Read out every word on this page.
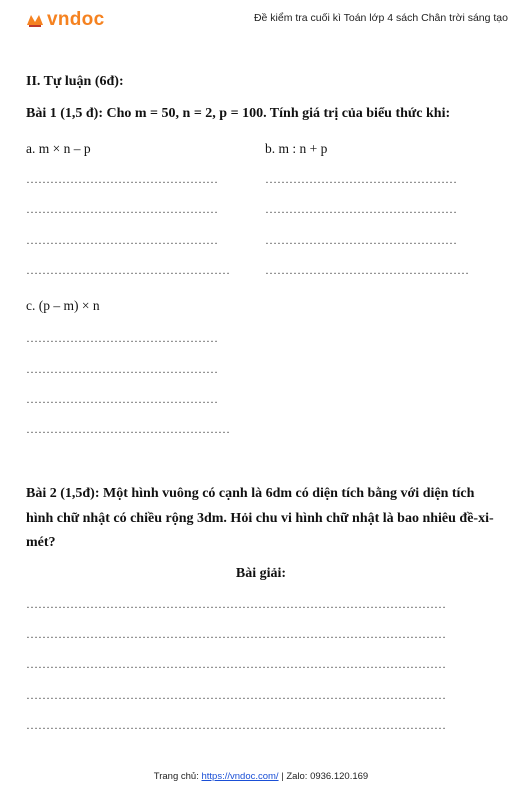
vndoc	Đề kiểm tra cuối kì Toán lớp 4 sách Chân trời sáng tạo
II. Tự luận (6đ):
Bài 1 (1,5 đ): Cho m = 50, n = 2, p = 100. Tính giá trị của biểu thức khi:
a. m × n – p	b. m : n + p
…………………………………………	…………………………………………
…………………………………………	…………………………………………
…………………………………………	…………………………………………
……………………………………………	……………………………………………
c. (p – m) × n
…………………………………………
…………………………………………
…………………………………………
……………………………………………
Bài 2 (1,5đ): Một hình vuông có cạnh là 6dm có diện tích bằng với diện tích
hình chữ nhật có chiều rộng 3dm. Hỏi chu vi hình chữ nhật là bao nhiêu đề-xi-
mét?
Bài giải:
……………………………………………………………………………………………
……………………………………………………………………………………………
……………………………………………………………………………………………
……………………………………………………………………………………………
……………………………………………………………………………………………
Trang chủ: https://vndoc.com/ | Zalo: 0936.120.169
